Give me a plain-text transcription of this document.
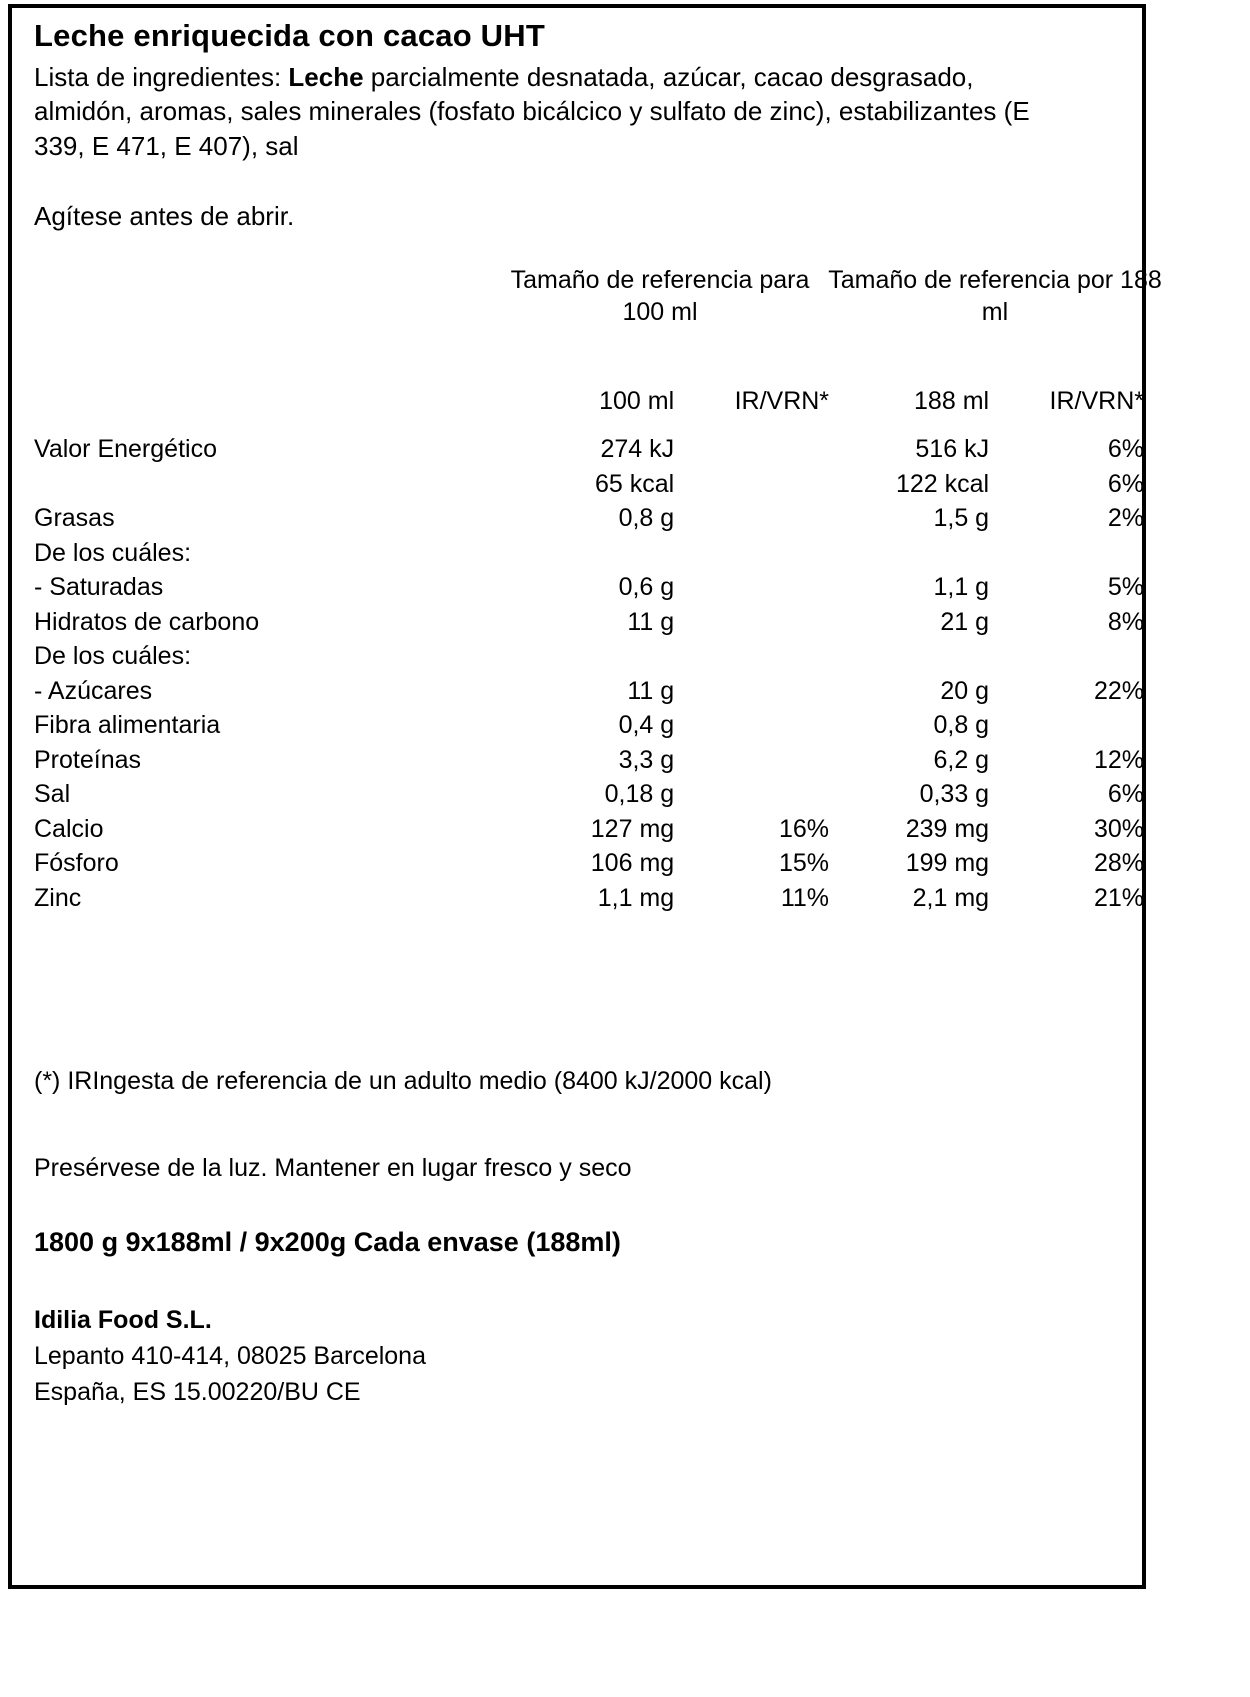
Leche enriquecida con cacao UHT
Lista de ingredientes: Leche parcialmente desnatada, azúcar, cacao desgrasado, almidón, aromas, sales minerales (fosfato bicálcico y sulfato de zinc), estabilizantes (E 339, E 471, E 407), sal
Agítese antes de abrir.
Tamaño de referencia para 100 ml
Tamaño de referencia por 188 ml
	100 ml	IR/VRN*	188 ml	IR/VRN*
Valor Energético	274 kJ		516 kJ	6%
	65 kcal		122 kcal	6%
Grasas	0,8 g		1,5 g	2%
De los cuáles:				
- Saturadas	0,6 g		1,1 g	5%
Hidratos de carbono	11 g		21 g	8%
De los cuáles:				
- Azúcares	11 g		20 g	22%
Fibra alimentaria	0,4 g		0,8 g	
Proteínas	3,3 g		6,2 g	12%
Sal	0,18 g		0,33 g	6%
Calcio	127 mg	16%	239 mg	30%
Fósforo	106 mg	15%	199 mg	28%
Zinc	1,1 mg	11%	2,1 mg	21%
(*) IRIngesta de referencia de un adulto medio (8400 kJ/2000 kcal)
Presérvese de la luz. Mantener en lugar fresco y seco
1800 g 9x188ml / 9x200g Cada envase (188ml)
Idilia Food S.L.
Lepanto 410-414, 08025 Barcelona
España, ES 15.00220/BU CE
